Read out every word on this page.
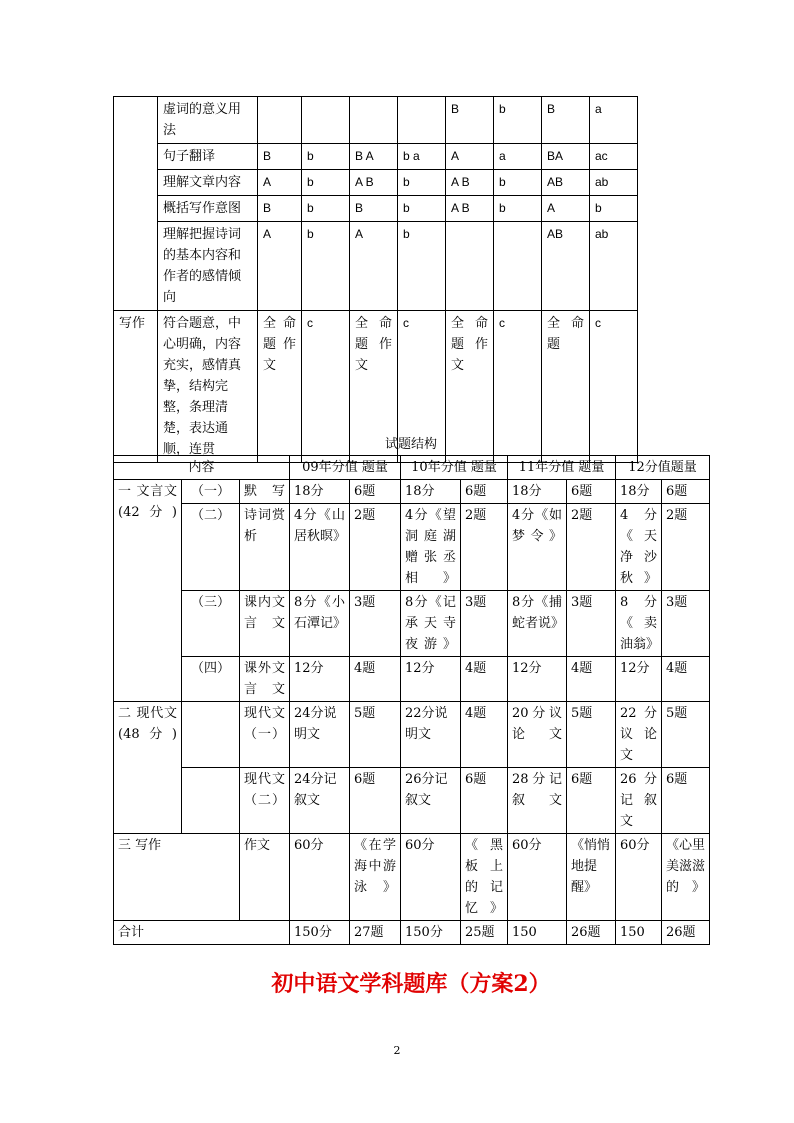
	虚词的意义用法					B	b	B	a
	句子翻译	B	b	B A	b a	A	a	BA	ac
	理解文章内容	A	b	A B	b	A B	b	AB	ab
	概括写作意图	B	b	B	b	A B	b	A	b
	理解把握诗词的基本内容和作者的感情倾向	A	b	A	b			AB	ab
写作	符合题意，中心明确，内容充实，感情真挚，结构完整，条理清楚，表达通顺，连贯	全命题作文	c	全命题作文	c	全命题作文	c	全命题	c
试题结构
内容			09年分值 题量		10年分值 题量		11年分值 题量		12分值题量	
一 文言文(42分)	（一）	默写	18分	6题	18分	6题	18分	6题	18分	6题
	（二）	诗词赏析	4分《山居秋暝》	2题	4分《望洞庭湖赠张丞相》	2题	4分《如梦令》	2题	4分《天净沙秋》	2题
	（三）	课内文言文	8分《小石潭记》	3题	8分《记承天寺夜游》	3题	8分《捕蛇者说》	3题	8分《卖油翁》	3题
	（四）	课外文言文	12分	4题	12分	4题	12分	4题	12分	4题
二 现代文(48分)		现代文（一）	24分说明文	5题	22分说明文	4题	20分议论文	5题	22分议论文	5题
		现代文（二）	24分记叙文	6题	26分记叙文	6题	28分记叙文	6题	26分记叙文	6题
三 写作		作文	60分	《在学海中游泳》	60分	《黑板上的记忆》	60分	《悄悄地提醒》	60分	《心里美滋滋的》
合计			150分	27题	150分	25题	150	26题	150	26题
初中语文学科题库（方案2）
2
